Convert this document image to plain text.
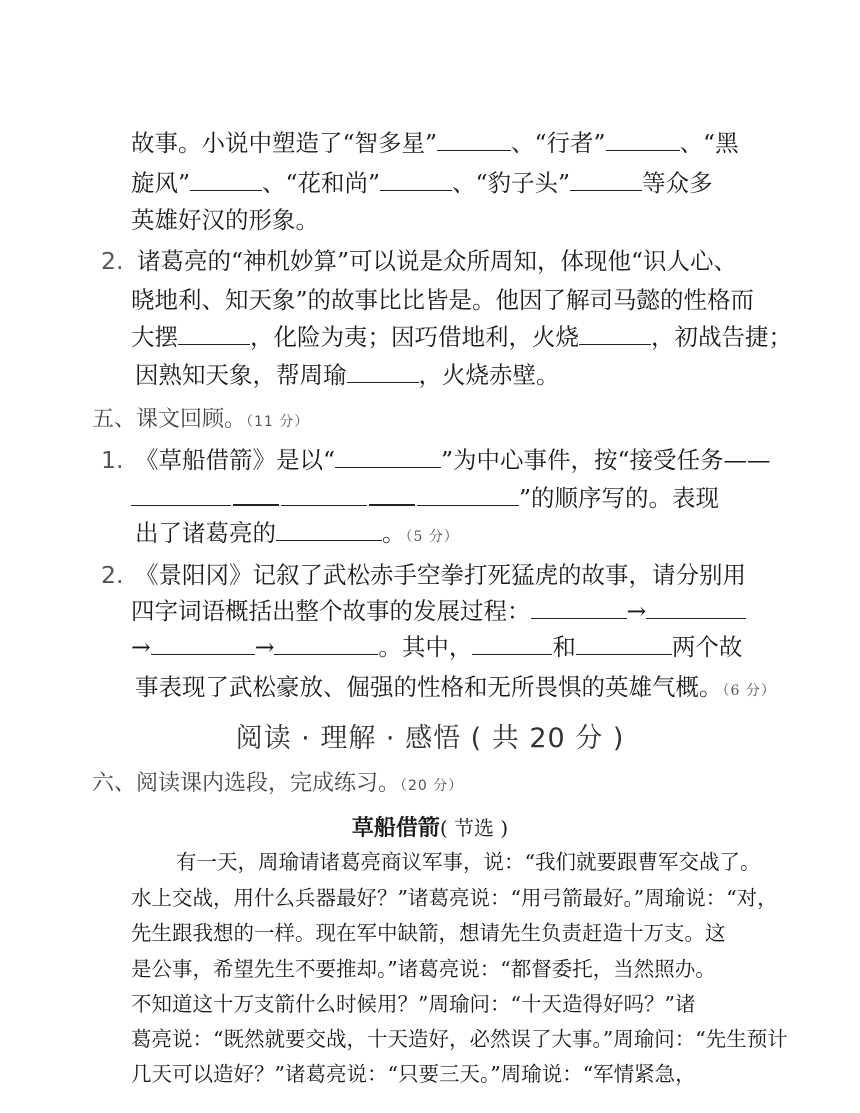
故事。小说中塑造了“智多星”	、“行者”	、“黑
旋风”	、“花和尚”	、“豹子头”	等众多
英雄好汉的形象。
2. 诸葛亮的“神机妙算”可以说是众所周知，体现他“识人心、
晓地利、知天象”的故事比比皆是。他因了解司马懿的性格而
大摆	，化险为夷；因巧借地利，火烧	，初战告捷；
因熟知天象，帮周瑜	，火烧赤壁。
五、课文回顾。（11 分）
1. 《草船借箭》是以“	”为中心事件，按“接受任务——
”的顺序写的。表现
出了诸葛亮的	。（5 分）
2. 《景阳冈》记叙了武松赤手空拳打死猛虎的故事，请分别用
四字词语概括出整个故事的发展过程：	→
→	→	。其中，	和	两个故
事表现了武松豪放、倔强的性格和无所畏惧的英雄气概。（6 分）
阅读 · 理解 · 感悟 ( 共 20 分 )
六、阅读课内选段，完成练习。（20 分）
草船借箭( 节选 )
有一天，周瑜请诸葛亮商议军事，说：“我们就要跟曹军交战了。
水上交战，用什么兵器最好？”诸葛亮说：“用弓箭最好。”周瑜说：“对，
先生跟我想的一样。现在军中缺箭，想请先生负责赶造十万支。这
是公事，希望先生不要推却。”诸葛亮说：“都督委托，当然照办。
不知道这十万支箭什么时候用？”周瑜问：“十天造得好吗？”诸
葛亮说：“既然就要交战，十天造好，必然误了大事。”周瑜问：“先生预计
几天可以造好？”诸葛亮说：“只要三天。”周瑜说：“军情紧急，
